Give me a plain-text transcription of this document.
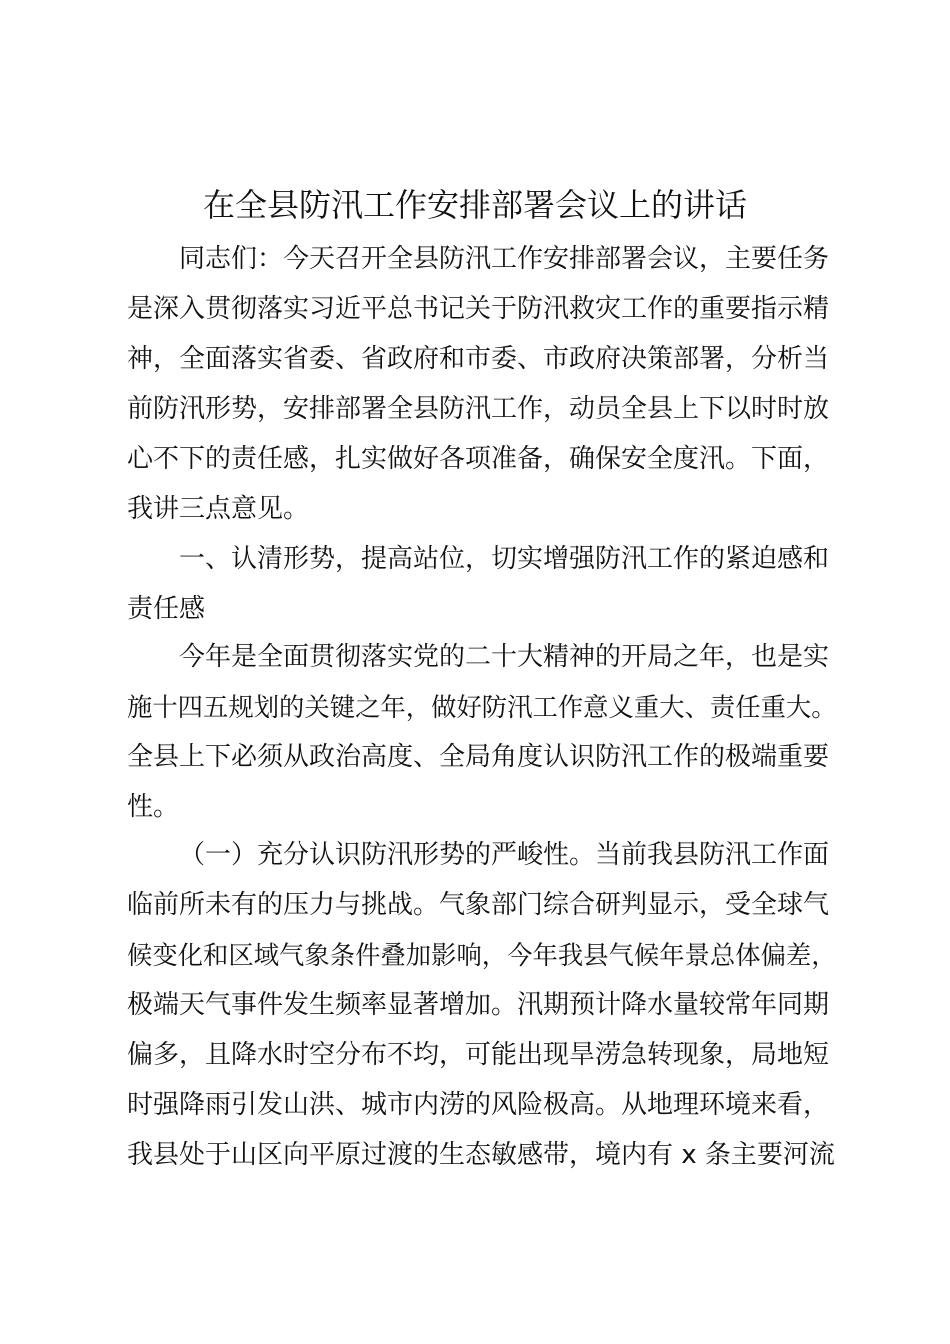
在全县防汛工作安排部署会议上的讲话
同志们：今天召开全县防汛工作安排部署会议，主要任务
是深入贯彻落实习近平总书记关于防汛救灾工作的重要指示精
神，全面落实省委、省政府和市委、市政府决策部署，分析当
前防汛形势，安排部署全县防汛工作，动员全县上下以时时放
心不下的责任感，扎实做好各项准备，确保安全度汛。下面，
我讲三点意见。
一、认清形势，提高站位，切实增强防汛工作的紧迫感和
责任感
今年是全面贯彻落实党的二十大精神的开局之年，也是实
施十四五规划的关键之年，做好防汛工作意义重大、责任重大。
全县上下必须从政治高度、全局角度认识防汛工作的极端重要
性。
（一）充分认识防汛形势的严峻性。当前我县防汛工作面
临前所未有的压力与挑战。气象部门综合研判显示，受全球气
候变化和区域气象条件叠加影响，今年我县气候年景总体偏差，
极端天气事件发生频率显著增加。汛期预计降水量较常年同期
偏多，且降水时空分布不均，可能出现旱涝急转现象，局地短
时强降雨引发山洪、城市内涝的风险极高。从地理环境来看，
我县处于山区向平原过渡的生态敏感带，境内有 x 条主要河流
